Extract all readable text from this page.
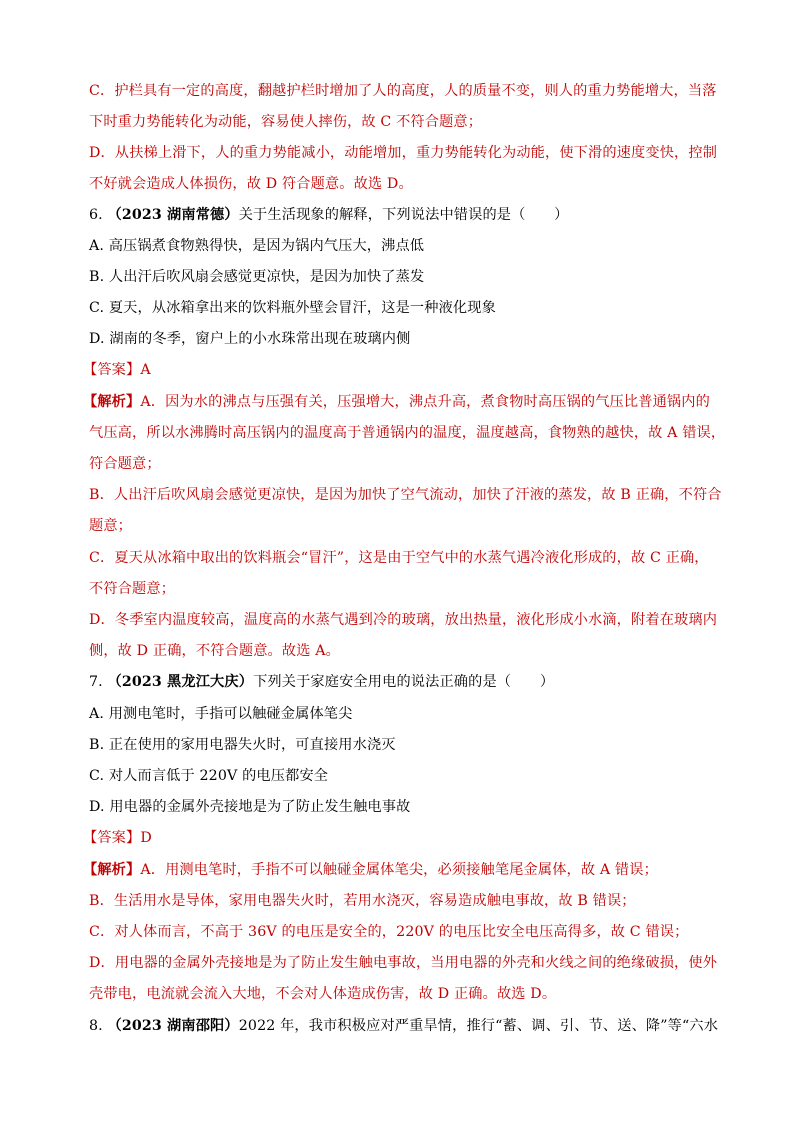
C．护栏具有一定的高度，翻越护栏时增加了人的高度，人的质量不变，则人的重力势能增大，当落
下时重力势能转化为动能，容易使人摔伤，故 C 不符合题意；
D．从扶梯上滑下，人的重力势能减小，动能增加，重力势能转化为动能，使下滑的速度变快，控制
不好就会造成人体损伤，故 D 符合题意。故选 D。
6. （2023 湖南常德）关于生活现象的解释，下列说法中错误的是（　　）
A. 高压锅煮食物熟得快，是因为锅内气压大，沸点低
B. 人出汗后吹风扇会感觉更凉快，是因为加快了蒸发
C. 夏天，从冰箱拿出来的饮料瓶外壁会冒汗，这是一种液化现象
D. 湖南的冬季，窗户上的小水珠常出现在玻璃内侧
【答案】A
【解析】A．因为水的沸点与压强有关，压强增大，沸点升高，煮食物时高压锅的气压比普通锅内的
气压高，所以水沸腾时高压锅内的温度高于普通锅内的温度，温度越高，食物熟的越快，故 A 错误，
符合题意；
B．人出汗后吹风扇会感觉更凉快，是因为加快了空气流动，加快了汗液的蒸发，故 B 正确，不符合
题意；
C．夏天从冰箱中取出的饮料瓶会“冒汗”，这是由于空气中的水蒸气遇冷液化形成的，故 C 正确，
不符合题意；
D．冬季室内温度较高，温度高的水蒸气遇到冷的玻璃，放出热量，液化形成小水滴，附着在玻璃内
侧，故 D 正确，不符合题意。故选 A。
7. （2023 黑龙江大庆）下列关于家庭安全用电的说法正确的是（　　）
A. 用测电笔时，手指可以触碰金属体笔尖
B. 正在使用的家用电器失火时，可直接用水浇灭
C. 对人而言低于 220V 的电压都安全
D. 用电器的金属外壳接地是为了防止发生触电事故
【答案】D
【解析】A．用测电笔时，手指不可以触碰金属体笔尖，必须接触笔尾金属体，故 A 错误；
B．生活用水是导体，家用电器失火时，若用水浇灭，容易造成触电事故，故 B 错误；
C．对人体而言，不高于 36V 的电压是安全的，220V 的电压比安全电压高得多，故 C 错误；
D．用电器的金属外壳接地是为了防止发生触电事故，当用电器的外壳和火线之间的绝缘破损，使外
壳带电，电流就会流入大地，不会对人体造成伤害，故 D 正确。故选 D。
8. （2023 湖南邵阳）2022 年，我市积极应对严重旱情，推行“蓄、调、引、节、送、降”等“六水
